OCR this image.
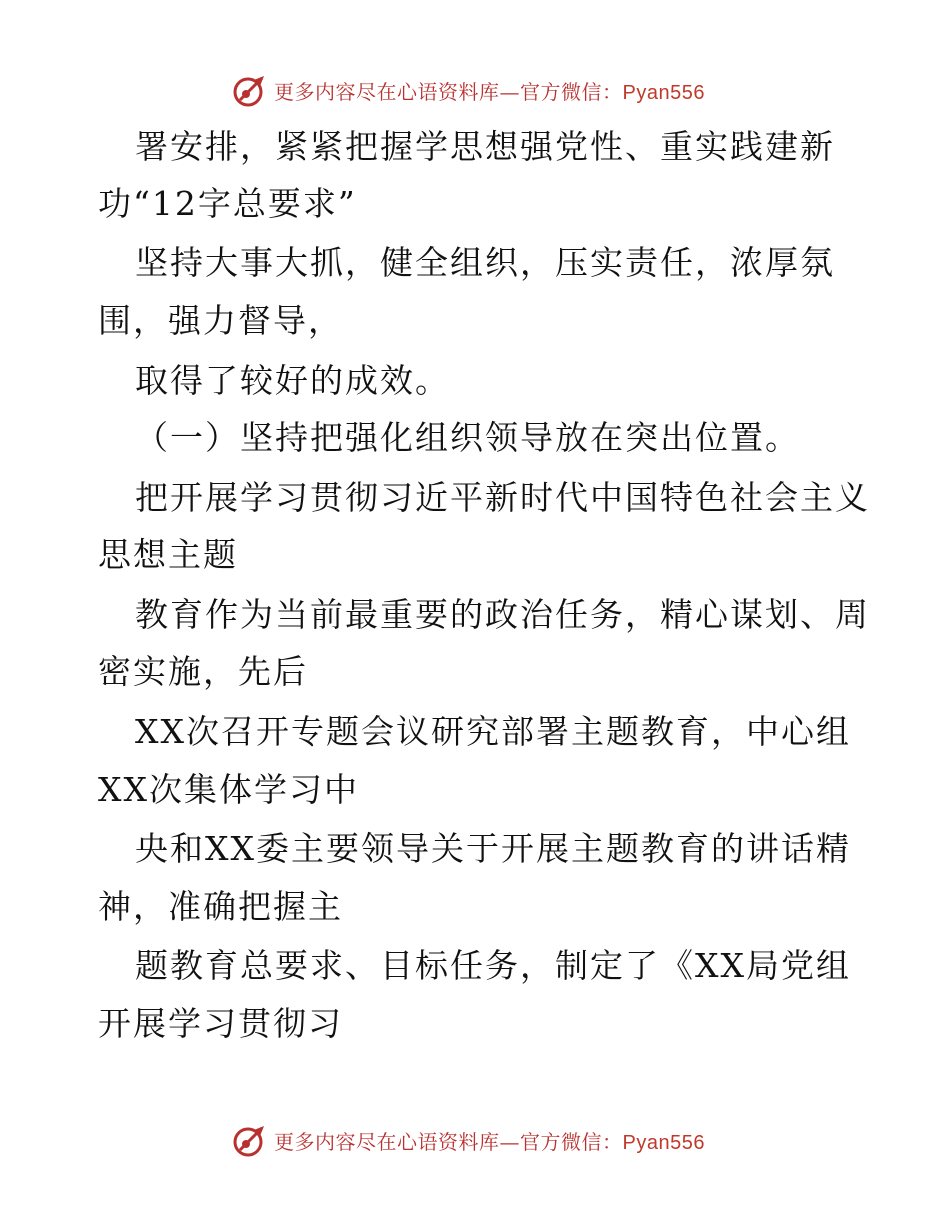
更多内容尽在心语资料库—官方微信：Pyan556
署安排，紧紧把握学思想强党性、重实践建新
功“12字总要求”
坚持大事大抓，健全组织，压实责任，浓厚氛
围，强力督导，
取得了较好的成效。
（一）坚持把强化组织领导放在突出位置。
把开展学习贯彻习近平新时代中国特色社会主义
思想主题
教育作为当前最重要的政治任务，精心谋划、周
密实施，先后
XX次召开专题会议研究部署主题教育，中心组
XX次集体学习中
央和XX委主要领导关于开展主题教育的讲话精
神，准确把握主
题教育总要求、目标任务，制定了《XX局党组
开展学习贯彻习
更多内容尽在心语资料库—官方微信：Pyan556
